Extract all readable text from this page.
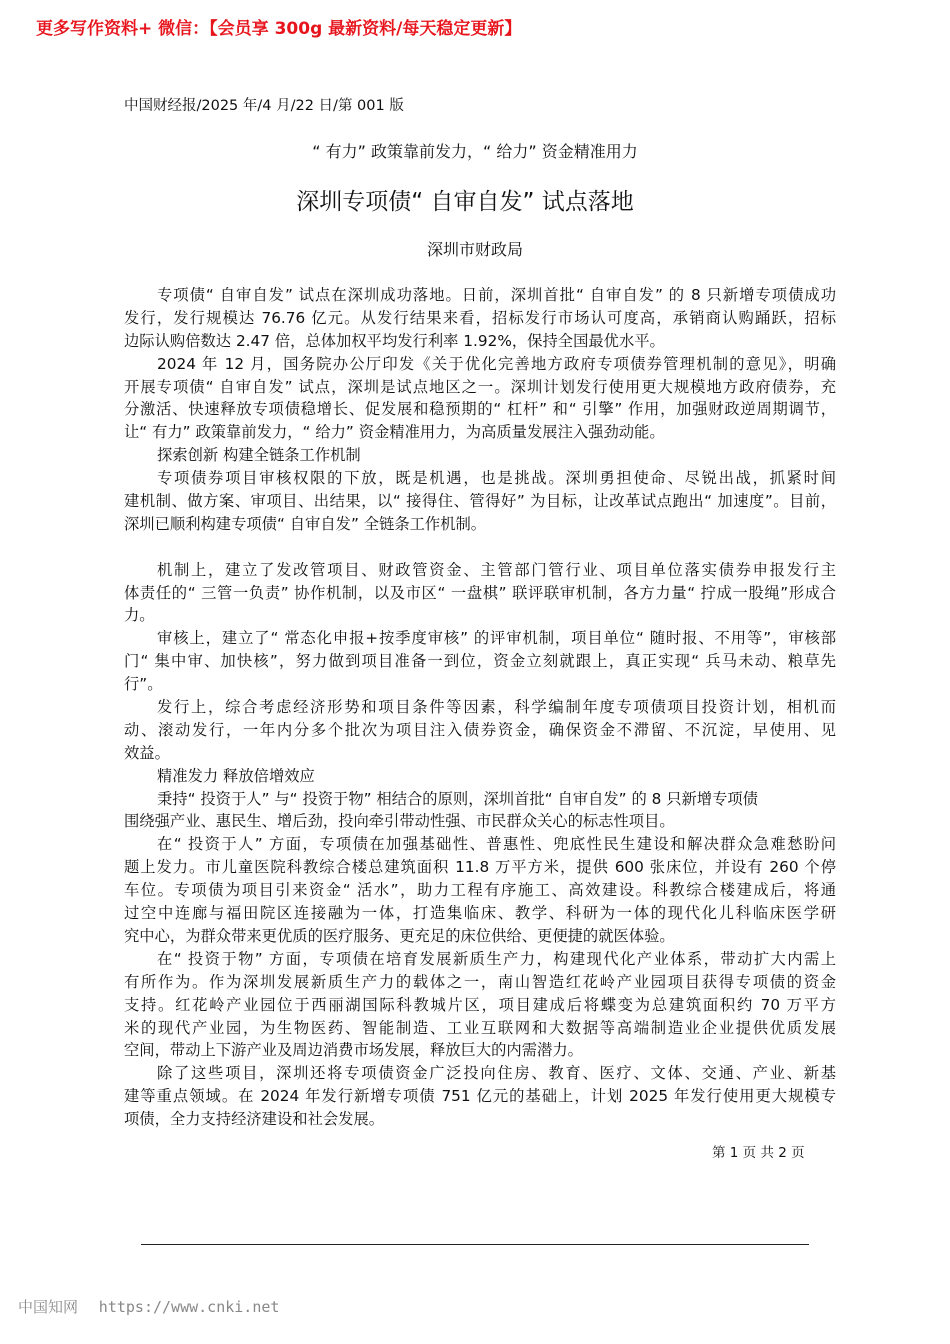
更多写作资料+ 微信：【会员享 300g 最新资料/每天稳定更新】
中国财经报/2025 年/4 月/22 日/第 001 版
“ 有力” 政策靠前发力，“ 给力” 资金精准用力
深圳专项债“ 自审自发” 试点落地
深圳市财政局
专项债“ 自审自发” 试点在深圳成功落地。日前，深圳首批“ 自审自发” 的 8 只新增专项债成功
发行，发行规模达 76.76 亿元。从发行结果来看，招标发行市场认可度高，承销商认购踊跃，招标
边际认购倍数达 2.47 倍，总体加权平均发行利率 1.92%，保持全国最优水平。
2024 年 12 月，国务院办公厅印发《关于优化完善地方政府专项债券管理机制的意见》，明确
开展专项债“ 自审自发” 试点，深圳是试点地区之一。深圳计划发行使用更大规模地方政府债券，充
分激活、快速释放专项债稳增长、促发展和稳预期的“ 杠杆” 和“ 引擎” 作用，加强财政逆周期调节，
让“ 有力” 政策靠前发力，“ 给力” 资金精准用力，为高质量发展注入强劲动能。
探索创新 构建全链条工作机制
专项债券项目审核权限的下放，既是机遇，也是挑战。深圳勇担使命、尽锐出战，抓紧时间
建机制、做方案、审项目、出结果，以“ 接得住、管得好” 为目标，让改革试点跑出“ 加速度”。目前，
深圳已顺利构建专项债“ 自审自发” 全链条工作机制。
机制上，建立了发改管项目、财政管资金、主管部门管行业、项目单位落实债券申报发行主
体责任的“ 三管一负责” 协作机制，以及市区“ 一盘棋” 联评联审机制，各方力量“ 拧成一股绳”形成合
力。
审核上，建立了“ 常态化申报+按季度审核” 的评审机制，项目单位“ 随时报、不用等”，审核部
门“ 集中审、加快核”，努力做到项目准备一到位，资金立刻就跟上，真正实现“ 兵马未动、粮草先
行”。
发行上，综合考虑经济形势和项目条件等因素，科学编制年度专项债项目投资计划，相机而
动、滚动发行，一年内分多个批次为项目注入债券资金，确保资金不滞留、不沉淀，早使用、见
效益。
精准发力 释放倍增效应
秉持“ 投资于人” 与“ 投资于物” 相结合的原则，深圳首批“ 自审自发” 的 8 只新增专项债
围绕强产业、惠民生、增后劲，投向牵引带动性强、市民群众关心的标志性项目。
在“ 投资于人” 方面，专项债在加强基础性、普惠性、兜底性民生建设和解决群众急难愁盼问
题上发力。市儿童医院科教综合楼总建筑面积 11.8 万平方米，提供 600 张床位，并设有 260 个停
车位。专项债为项目引来资金“ 活水”，助力工程有序施工、高效建设。科教综合楼建成后，将通
过空中连廊与福田院区连接融为一体，打造集临床、教学、科研为一体的现代化儿科临床医学研
究中心，为群众带来更优质的医疗服务、更充足的床位供给、更便捷的就医体验。
在“ 投资于物” 方面，专项债在培育发展新质生产力，构建现代化产业体系，带动扩大内需上
有所作为。作为深圳发展新质生产力的载体之一，南山智造红花岭产业园项目获得专项债的资金
支持。红花岭产业园位于西丽湖国际科教城片区，项目建成后将蝶变为总建筑面积约 70 万平方
米的现代产业园，为生物医药、智能制造、工业互联网和大数据等高端制造业企业提供优质发展
空间，带动上下游产业及周边消费市场发展，释放巨大的内需潜力。
除了这些项目，深圳还将专项债资金广泛投向住房、教育、医疗、文体、交通、产业、新基
建等重点领域。在 2024 年发行新增专项债 751 亿元的基础上，计划 2025 年发行使用更大规模专
项债，全力支持经济建设和社会发展。
第 1 页 共 2 页
中国知网 https://www.cnki.net
